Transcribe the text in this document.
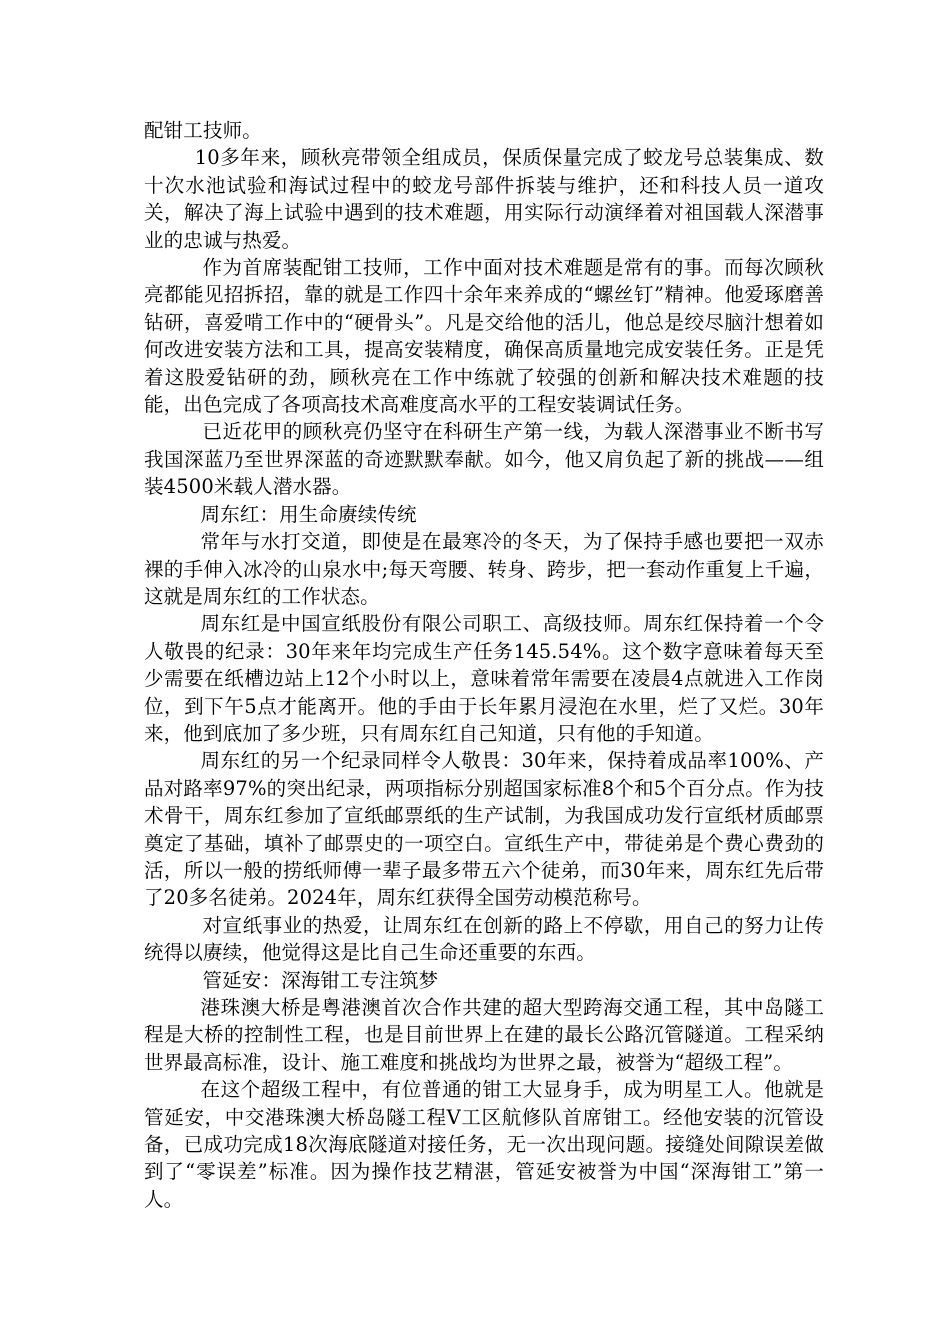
配钳工技师。

10多年来，顾秋亮带领全组成员，保质保量完成了蛟龙号总装集成、数十次水池试验和海试过程中的蛟龙号部件拆装与维护，还和科技人员一道攻关，解决了海上试验中遇到的技术难题，用实际行动演绎着对祖国载人深潜事业的忠诚与热爱。

作为首席装配钳工技师，工作中面对技术难题是常有的事。而每次顾秋亮都能见招拆招，靠的就是工作四十余年来养成的“螺丝钉”精神。他爱琢磨善钻研，喜爱啃工作中的“硬骨头”。凡是交给他的活儿，他总是绞尽脑汁想着如何改进安装方法和工具，提高安装精度，确保高质量地完成安装任务。正是凭着这股爱钻研的劲，顾秋亮在工作中练就了较强的创新和解决技术难题的技能，出色完成了各项高技术高难度高水平的工程安装调试任务。

已近花甲的顾秋亮仍坚守在科研生产第一线，为载人深潜事业不断书写我国深蓝乃至世界深蓝的奇迹默默奉献。如今，他又肩负起了新的挑战——组装4500米载人潜水器。

周东红：用生命赓续传统

常年与水打交道，即使是在最寒冷的冬天，为了保持手感也要把一双赤裸的手伸入冰冷的山泉水中;每天弯腰、转身、跨步，把一套动作重复上千遍，这就是周东红的工作状态。

周东红是中国宣纸股份有限公司职工、高级技师。周东红保持着一个令人敬畏的纪录：30年来年均完成生产任务145.54%。这个数字意味着每天至少需要在纸槽边站上12个小时以上，意味着常年需要在凌晨4点就进入工作岗位，到下午5点才能离开。他的手由于长年累月浸泡在水里，烂了又烂。30年来，他到底加了多少班，只有周东红自己知道，只有他的手知道。

周东红的另一个纪录同样令人敬畏：30年来，保持着成品率100%、产品对路率97%的突出纪录，两项指标分别超国家标准8个和5个百分点。作为技术骨干，周东红参加了宣纸邮票纸的生产试制，为我国成功发行宣纸材质邮票奠定了基础，填补了邮票史的一项空白。宣纸生产中，带徒弟是个费心费劲的活，所以一般的捞纸师傅一辈子最多带五六个徒弟，而30年来，周东红先后带了20多名徒弟。2024年，周东红获得全国劳动模范称号。

对宣纸事业的热爱，让周东红在创新的路上不停歇，用自己的努力让传统得以赓续，他觉得这是比自己生命还重要的东西。

管延安：深海钳工专注筑梦

港珠澳大桥是粤港澳首次合作共建的超大型跨海交通工程，其中岛隧工程是大桥的控制性工程，也是目前世界上在建的最长公路沉管隧道。工程采纳世界最高标准，设计、施工难度和挑战均为世界之最，被誉为“超级工程”。

在这个超级工程中，有位普通的钳工大显身手，成为明星工人。他就是管延安，中交港珠澳大桥岛隧工程Ⅴ工区航修队首席钳工。经他安装的沉管设备，已成功完成18次海底隧道对接任务，无一次出现问题。接缝处间隙误差做到了“零误差”标准。因为操作技艺精湛，管延安被誉为中国“深海钳工”第一人。
